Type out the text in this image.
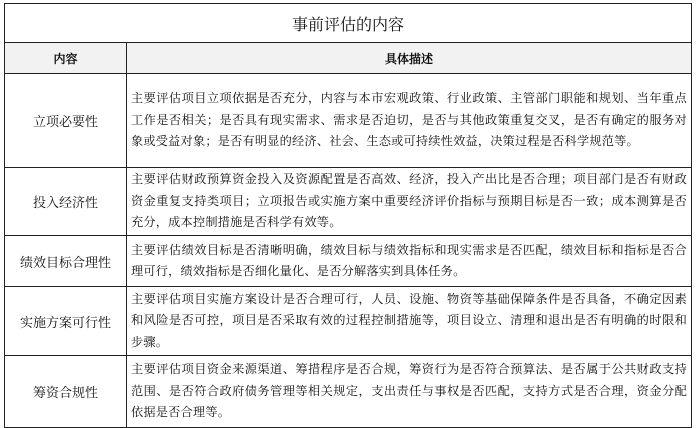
事前评估的内容	
内容	具体描述
立项必要性	主要评估项目立项依据是否充分，内容与本市宏观政策、行业政策、主管部门职能和规划、当年重点工作是否相关；是否具有现实需求、需求是否迫切，是否与其他政策重复交叉，是否有确定的服务对象或受益对象；是否有明显的经济、社会、生态或可持续性效益，决策过程是否科学规范等。
投入经济性	主要评估财政预算资金投入及资源配置是否高效、经济，投入产出比是否合理；项目部门是否有财政资金重复支持类项目；立项报告或实施方案中重要经济评价指标与预期目标是否一致；成本测算是否充分，成本控制措施是否科学有效等。
绩效目标合理性	主要评估绩效目标是否清晰明确，绩效目标与绩效指标和现实需求是否匹配，绩效目标和指标是否合理可行，绩效指标是否细化量化、是否分解落实到具体任务。
实施方案可行性	主要评估项目实施方案设计是否合理可行，人员、设施、物资等基础保障条件是否具备，不确定因素和风险是否可控，项目是否采取有效的过程控制措施等，项目设立、清理和退出是否有明确的时限和步骤。
筹资合规性	主要评估项目资金来源渠道、筹措程序是否合规，筹资行为是否符合预算法、是否属于公共财政支持范围、是否符合政府债务管理等相关规定，支出责任与事权是否匹配，支持方式是否合理，资金分配依据是否合理等。
